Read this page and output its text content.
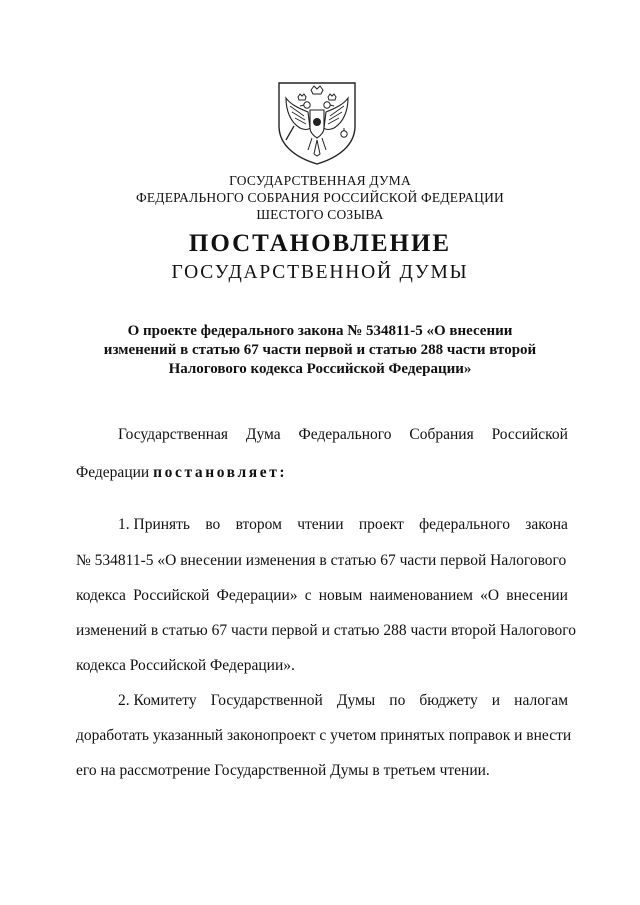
ГОСУДАРСТВЕННАЯ ДУМА
ФЕДЕРАЛЬНОГО СОБРАНИЯ РОССИЙСКОЙ ФЕДЕРАЦИИ
ШЕСТОГО СОЗЫВА
ПОСТАНОВЛЕНИЕ
ГОСУДАРСТВЕННОЙ ДУМЫ
О проекте федерального закона № 534811-5 «О внесении
изменений в статью 67 части первой и статью 288 части второй
Налогового кодекса Российской Федерации»
Государственная Дума Федерального Собрания Российской
Федерации постановляет:
1. Принять во втором чтении проект федерального закона
№ 534811-5 «О внесении изменения в статью 67 части первой Налогового
кодекса Российской Федерации» с новым наименованием «О внесении
изменений в статью 67 части первой и статью 288 части второй Налогового
кодекса Российской Федерации».
2. Комитету Государственной Думы по бюджету и налогам
доработать указанный законопроект с учетом принятых поправок и внести
его на рассмотрение Государственной Думы в третьем чтении.
